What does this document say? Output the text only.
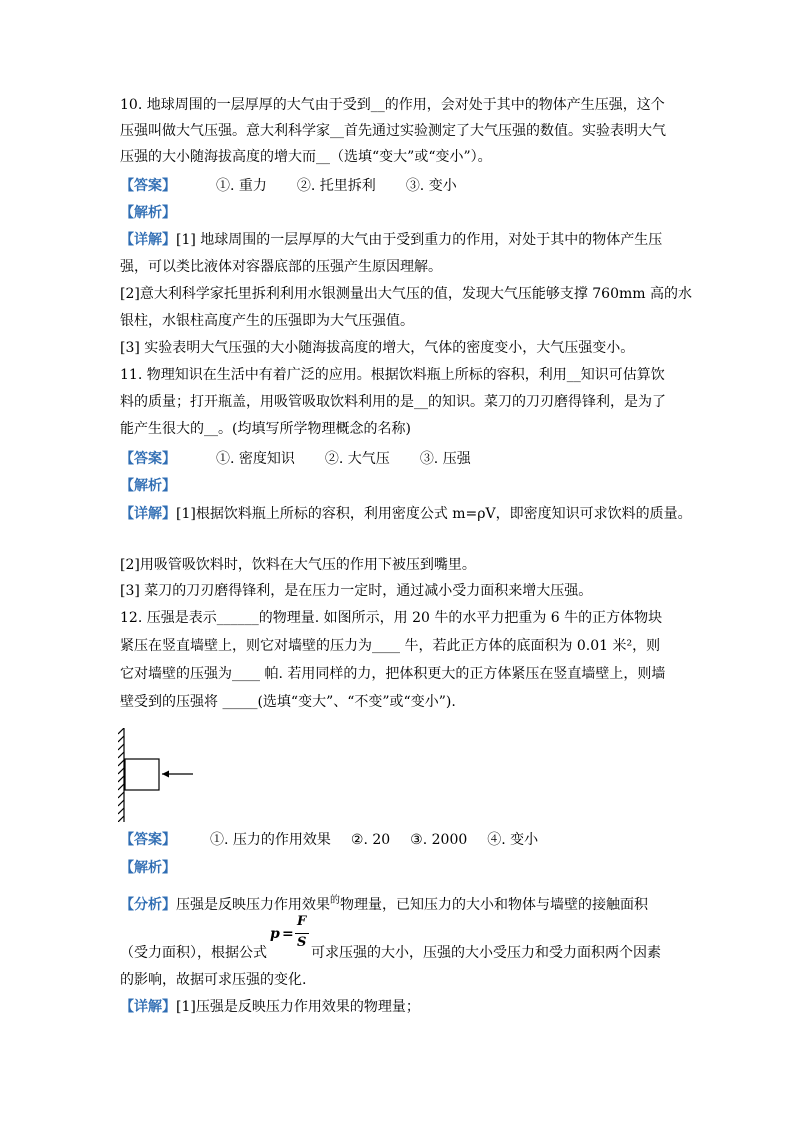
10. 地球周围的一层厚厚的大气由于受到__的作用，会对处于其中的物体产生压强，这个
压强叫做大气压强。意大利科学家__首先通过实验测定了大气压强的数值。实验表明大气
压强的大小随海拔高度的增大而__（选填“变大”或“变小”）。
【答案】	①. 重力 ②. 托里拆利 ③. 变小
【解析】
【详解】[1] 地球周围的一层厚厚的大气由于受到重力的作用，对处于其中的物体产生压
强，可以类比液体对容器底部的压强产生原因理解。
[2]意大利科学家托里拆利利用水银测量出大气压的值，发现大气压能够支撑 760mm 高的水
银柱，水银柱高度产生的压强即为大气压强值。
[3] 实验表明大气压强的大小随海拔高度的增大，气体的密度变小，大气压强变小。
11. 物理知识在生活中有着广泛的应用。根据饮料瓶上所标的容积，利用__知识可估算饮
料的质量；打开瓶盖，用吸管吸取饮料利用的是__的知识。菜刀的刀刃磨得锋利，是为了
能产生很大的__。(均填写所学物理概念的名称)
【答案】	①. 密度知识 ②. 大气压 ③. 压强
【解析】
【详解】[1]根据饮料瓶上所标的容积，利用密度公式 m=ρV，即密度知识可求饮料的质量。
[2]用吸管吸饮料时，饮料在大气压的作用下被压到嘴里。
[3] 菜刀的刀刃磨得锋利，是在压力一定时，通过减小受力面积来增大压强。
12. 压强是表示______的物理量. 如图所示，用 20 牛的水平力把重为 6 牛的正方体物块
紧压在竖直墙壁上，则它对墙壁的压力为____ 牛，若此正方体的底面积为 0.01 米²，则
它对墙壁的压强为____ 帕. 若用同样的力，把体积更大的正方体紧压在竖直墙壁上，则墙
壁受到的压强将 _____(选填“变大”、“不变”或“变小”).
【答案】 ①. 压力的作用效果 ②. 20 ③. 2000 ④. 变小
【解析】
【分析】压强是反映压力作用效果$^的$物理量，已知压力的大小和物体与墙壁的接触面积
p =
F
S
（受力面积），根据公式	可求压强的大小，压强的大小受压力和受力面积两个因素
的影响，故据可求压强的变化.
【详解】[1]压强是反映压力作用效果的物理量；
